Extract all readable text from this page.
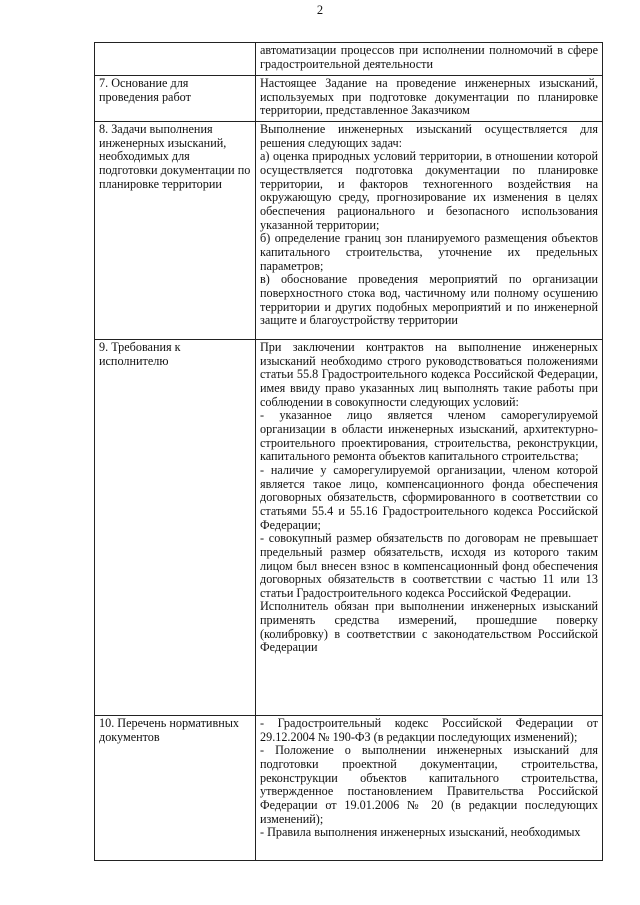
2

	автоматизации процессов при исполнении полномочий в сфере градостроительной деятельности

7. Основание для проведения работ	Настоящее Задание на проведение инженерных изысканий, используемых при подготовке документации по планировке территории, представленное Заказчиком

8. Задачи выполнения инженерных изысканий, необходимых для подготовки документации по планировке территории	Выполнение инженерных изысканий осуществляется для решения следующих задач:
а) оценка природных условий территории, в отношении которой осуществляется подготовка документации по планировке территории, и факторов техногенного воздействия на окружающую среду, прогнозирование их изменения в целях обеспечения рационального и безопасного использования указанной территории;
б) определение границ зон планируемого размещения объектов капитального строительства, уточнение их предельных параметров;
в) обоснование проведения мероприятий по организации поверхностного стока вод, частичному или полному осушению территории и других подобных мероприятий и по инженерной защите и благоустройству территории

9. Требования к исполнителю	При заключении контрактов на выполнение инженерных изысканий необходимо строго руководствоваться положениями статьи 55.8 Градостроительного кодекса Российской Федерации, имея ввиду право указанных лиц выполнять такие работы при соблюдении в совокупности следующих условий:
- указанное лицо является членом саморегулируемой организации в области инженерных изысканий, архитектурно-строительного проектирования, строительства, реконструкции, капитального ремонта объектов капитального строительства;
- наличие у саморегулируемой организации, членом которой является такое лицо, компенсационного фонда обеспечения договорных обязательств, сформированного в соответствии со статьями 55.4 и 55.16 Градостроительного кодекса Российской Федерации;
- совокупный размер обязательств по договорам не превышает предельный размер обязательств, исходя из которого таким лицом был внесен взнос в компенсационный фонд обеспечения договорных обязательств в соответствии с частью 11 или 13 статьи Градостроительного кодекса Российской Федерации.
Исполнитель обязан при выполнении инженерных изысканий применять средства измерений, прошедшие поверку (колибровку) в соответствии с законодательством Российской Федерации

10. Перечень нормативных документов	- Градостроительный кодекс Российской Федерации от 29.12.2004 № 190-ФЗ (в редакции последующих изменений);
- Положение о выполнении инженерных изысканий для подготовки проектной документации, строительства, реконструкции объектов капитального строительства, утвержденное постановлением Правительства Российской Федерации от 19.01.2006 № 20 (в редакции последующих изменений);
- Правила выполнения инженерных изысканий, необходимых
